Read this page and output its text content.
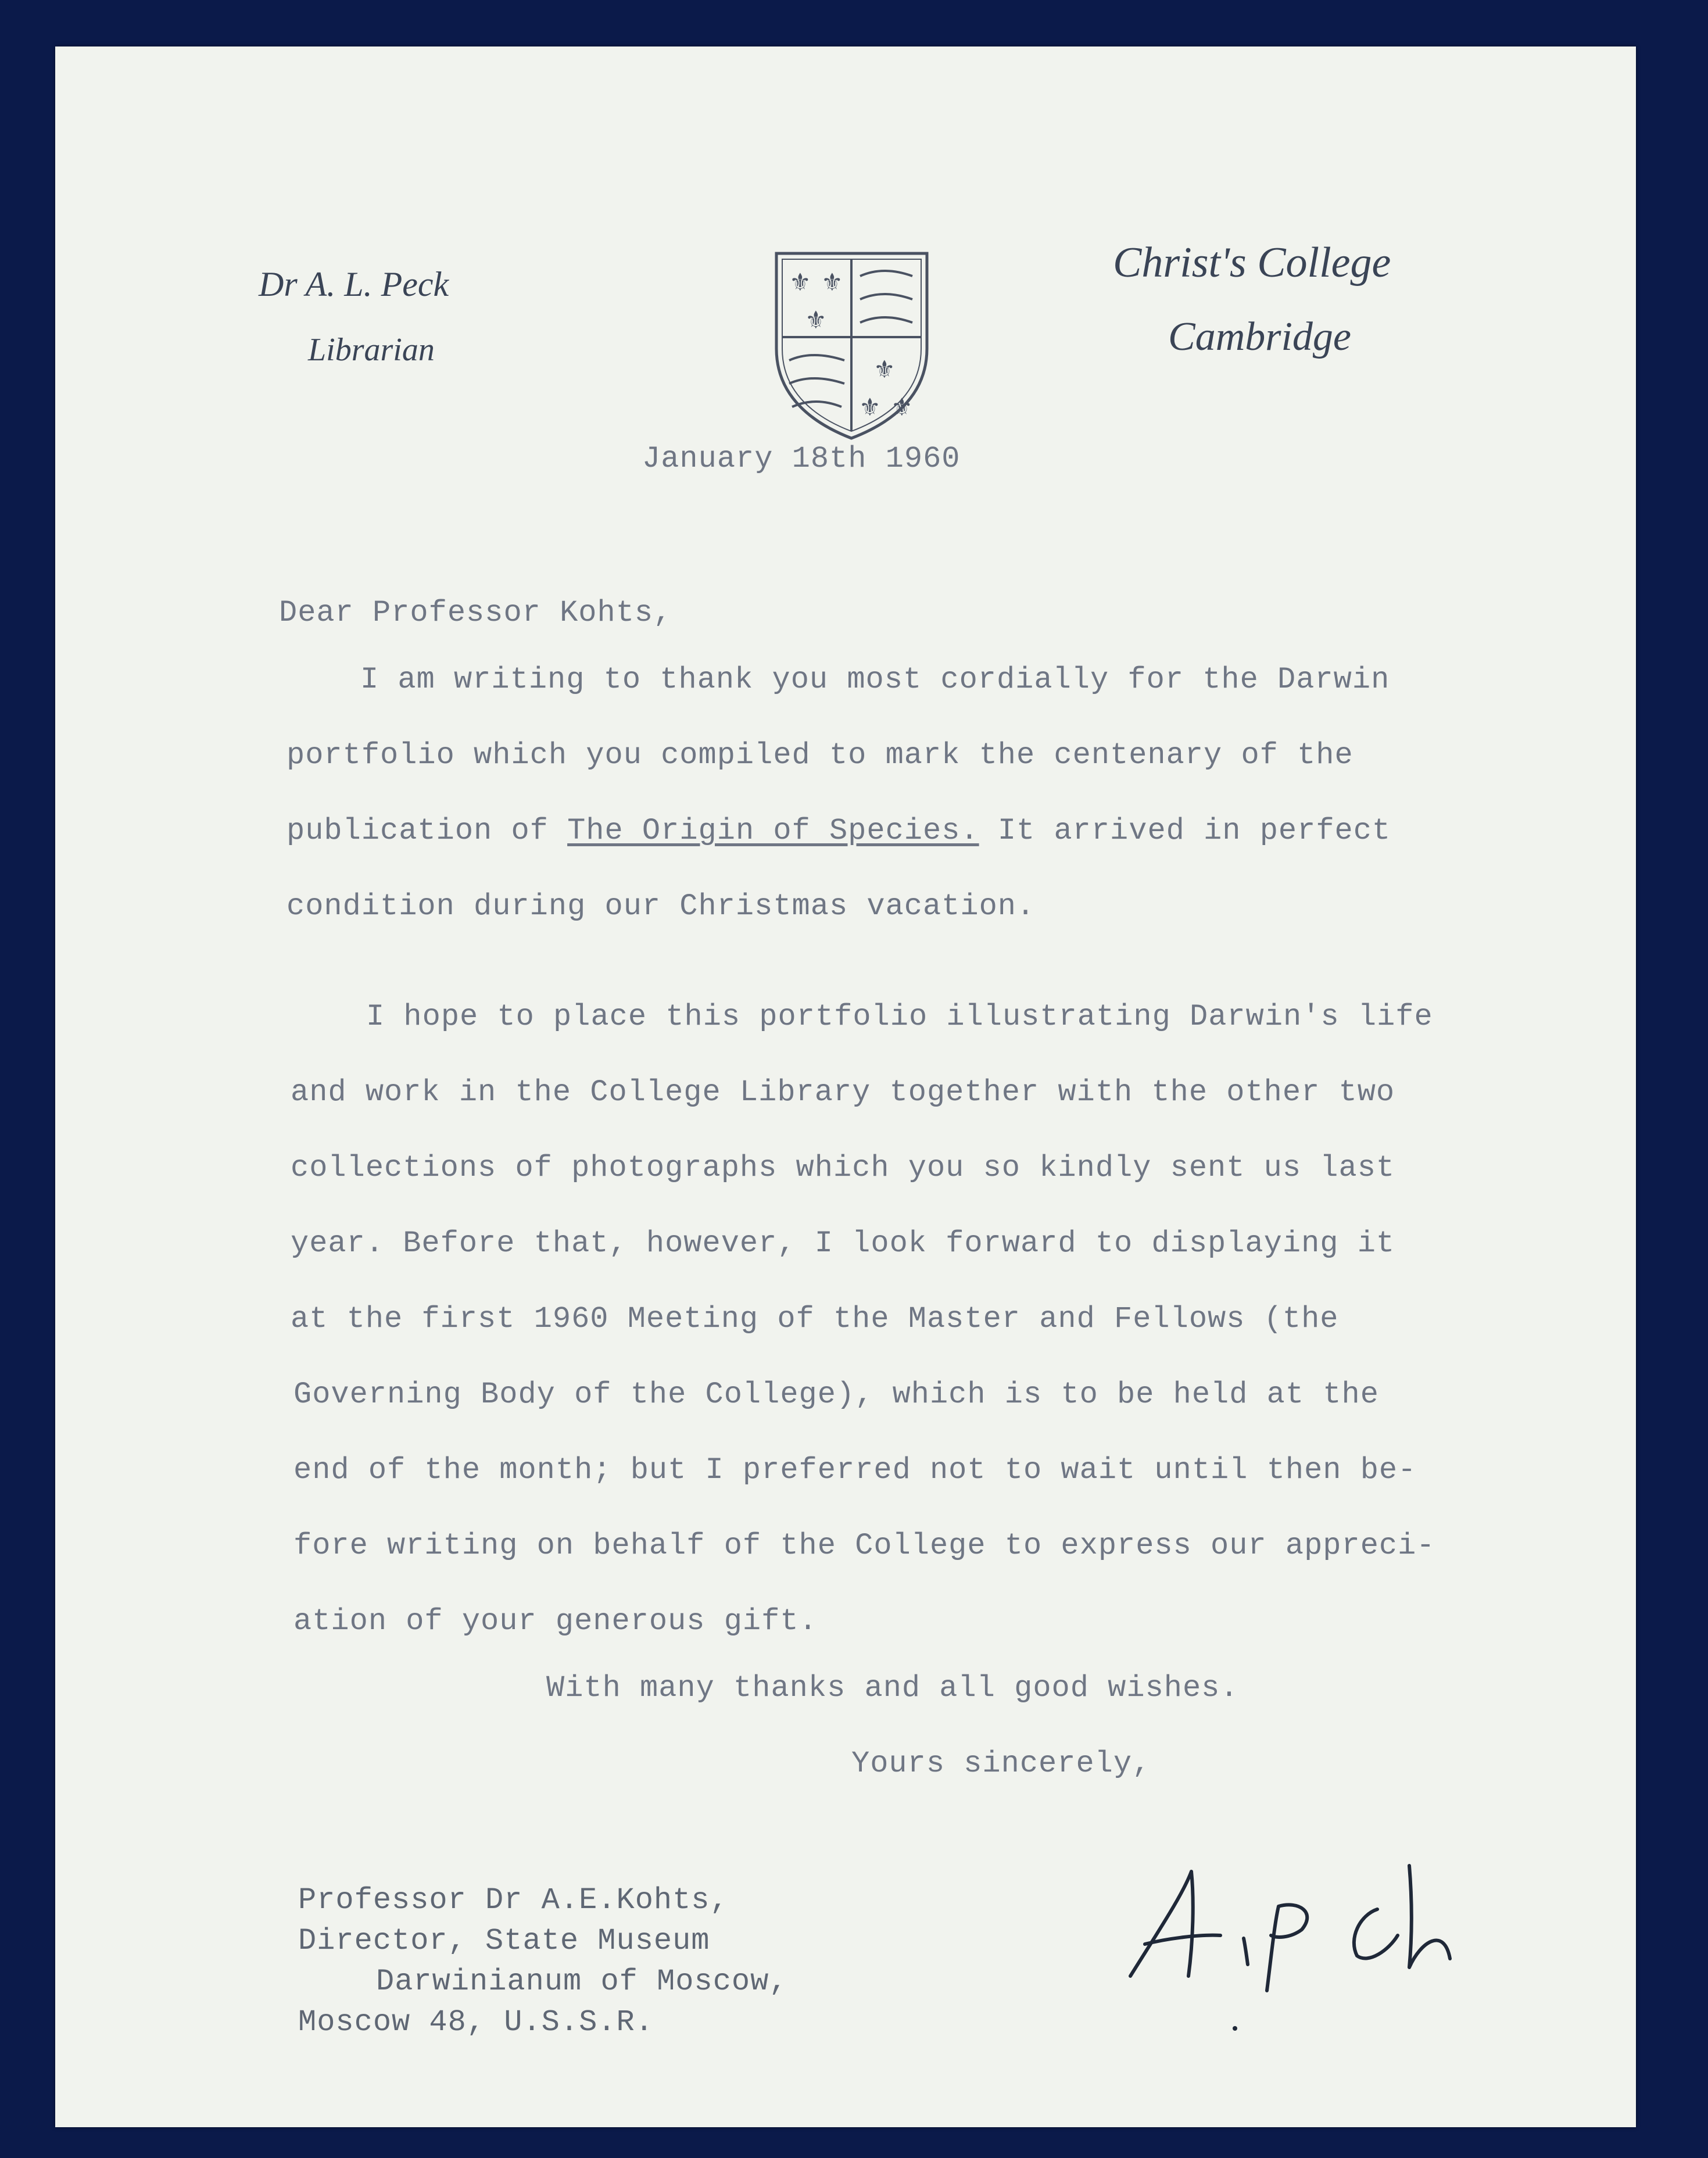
Dr A. L. Peck
Librarian
⚜ ⚜
⚜
⚜
⚜ ⚜
Christ's College
Cambridge
January 18th 1960
Dear Professor Kohts,
I am writing to thank you most cordially for the Darwin
portfolio which you compiled to mark the centenary of the
publication of The Origin of Species. It arrived in perfect
condition during our Christmas vacation.
I hope to place this portfolio illustrating Darwin's life
and work in the College Library together with the other two
collections of photographs which you so kindly sent us last
year. Before that, however, I look forward to displaying it
at the first 1960 Meeting of the Master and Fellows (the
Governing Body of the College), which is to be held at the
end of the month; but I preferred not to wait until then be-
fore writing on behalf of the College to express our appreci-
ation of your generous gift.
With many thanks and all good wishes.
Yours sincerely,
Professor Dr A.E.Kohts,
Director, State Museum
Darwinianum of Moscow,
Moscow 48, U.S.S.R.
